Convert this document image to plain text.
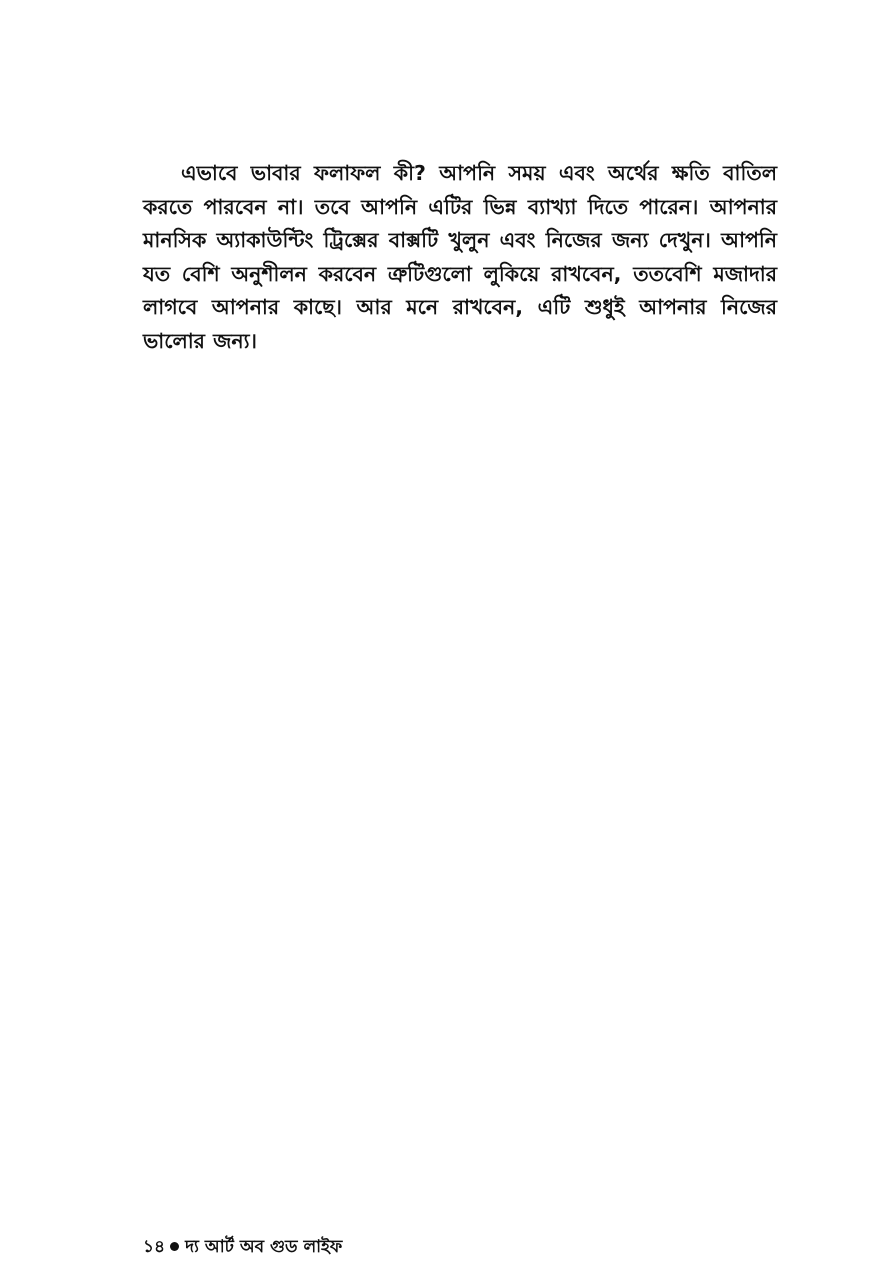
এভাবে ভাবার ফলাফল কী? আপনি সময় এবং অর্থের ক্ষতি বাতিল করতে পারবেন না। তবে আপনি এটির ভিন্ন ব্যাখ্যা দিতে পারেন। আপনার মানসিক অ্যাকাউন্টিং ট্রিক্সের বাক্সটি খুলুন এবং নিজের জন্য দেখুন। আপনি যত বেশি অনুশীলন করবেন ত্রুটিগুলো লুকিয়ে রাখবেন, ততবেশি মজাদার লাগবে আপনার কাছে। আর মনে রাখবেন, এটি শুধুই আপনার নিজের ভালোর জন্য।

১৪ দ্য আর্ট অব গুড লাইফ
